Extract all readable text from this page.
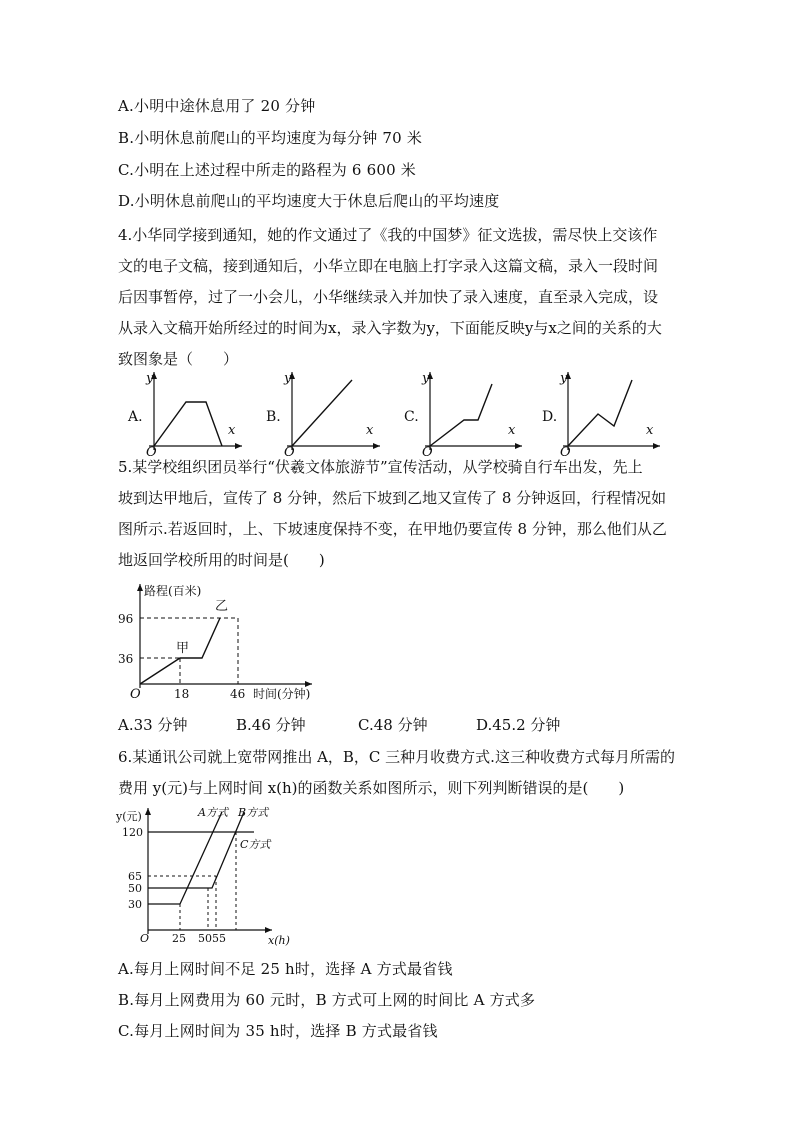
A.小明中途休息用了 20 分钟
B.小明休息前爬山的平均速度为每分钟 70 米
C.小明在上述过程中所走的路程为 6 600 米
D.小明休息前爬山的平均速度大于休息后爬山的平均速度
4.小华同学接到通知，她的作文通过了《我的中国梦》征文选拔，需尽快上交该作
文的电子文稿，接到通知后，小华立即在电脑上打字录入这篇文稿，录入一段时间
后因事暂停，过了一小会儿，小华继续录入并加快了录入速度，直至录入完成，设
从录入文稿开始所经过的时间为x，录入字数为y，下面能反映y与x之间的关系的大
致图象是（　　）
A.
y
x
O
B.
y
x
O
C.
y
x
O
D.
y
x
O
5.某学校组织团员举行“伏羲文体旅游节”宣传活动，从学校骑自行车出发，先上
坡到达甲地后，宣传了 8 分钟，然后下坡到乙地又宣传了 8 分钟返回，行程情况如
图所示.若返回时，上、下坡速度保持不变，在甲地仍要宣传 8 分钟，那么他们从乙
地返回学校所用的时间是(　　)
路程(百米)
96
36
18	46 时间(分钟)
O
甲
乙
A.33 分钟	B.46 分钟	C.48 分钟	D.45.2 分钟
6.某通讯公司就上宽带网推出 A，B，C 三种月收费方式.这三种收费方式每月所需的
费用 y(元)与上网时间 x(h)的函数关系如图所示，则下列判断错误的是(　　)
y(元)
120
65
50
30
25 5055	x(h)
O
A方式 B方式
C方式
A.每月上网时间不足 25 h时，选择 A 方式最省钱
B.每月上网费用为 60 元时，B 方式可上网的时间比 A 方式多
C.每月上网时间为 35 h时，选择 B 方式最省钱
